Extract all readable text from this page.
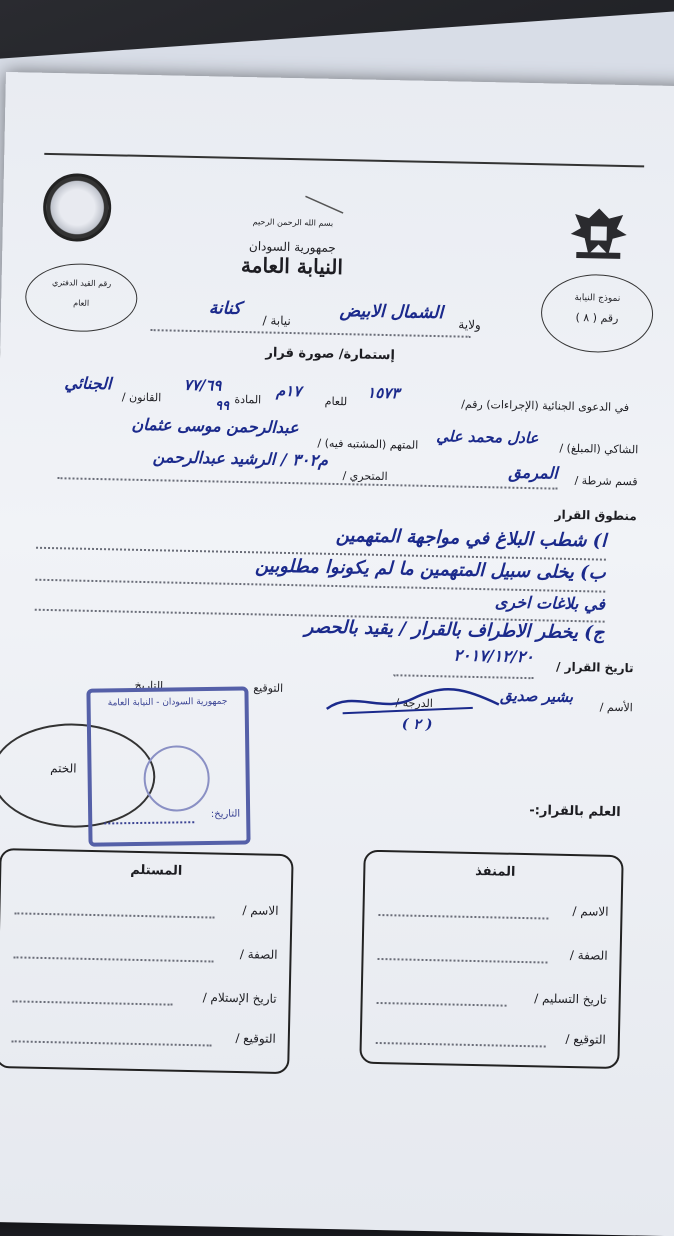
بسم الله الرحمن الرحيم
جمهورية السودان
النيابة العامة
رقم القيد الدفتري
العام	نموذج النيابة
رقم ( ٨ )
ولاية
الشمال الابيض
نيابة /
كنانة
إستمارة/ صورة قرار
في الدعوى الجنائية (الإجراءات) رقم/
١٥٧٣
للعام
١٧م
المادة
٧٧/٦٩
٩٩
القانون /
الجنائي
الشاكي (المبلغ) /
عادل محمد علي
المتهم (المشتبه فيه) /
عبدالرحمن موسى عثمان
قسم شرطة /
المرمق
المتحري /
م٣٠٢ / الرشيد عبدالرحمن
منطوق القرار
ا) شطب البلاغ في مواجهة المتهمين
ب) يخلى سبيل المتهمين ما لم يكونوا مطلوبين
في بلاغات اخرى
ج) يخطر الاطراف بالقرار / يقيد بالحصر
تاريخ القرار /
٢٠١٧/١٢/٢٠
الأسم /
بشير صديق
الدرجة /
( ٢ )
التوقيع
التاريخ
الختم
جمهورية السودان - النيابة العامة
التاريخ:	العلم بالقرار:-
المنفذ
الاسم /
الصفة /
تاريخ التسليم /
التوقيع /
المستلم
الاسم /
الصفة /
تاريخ الإستلام /
التوقيع /
